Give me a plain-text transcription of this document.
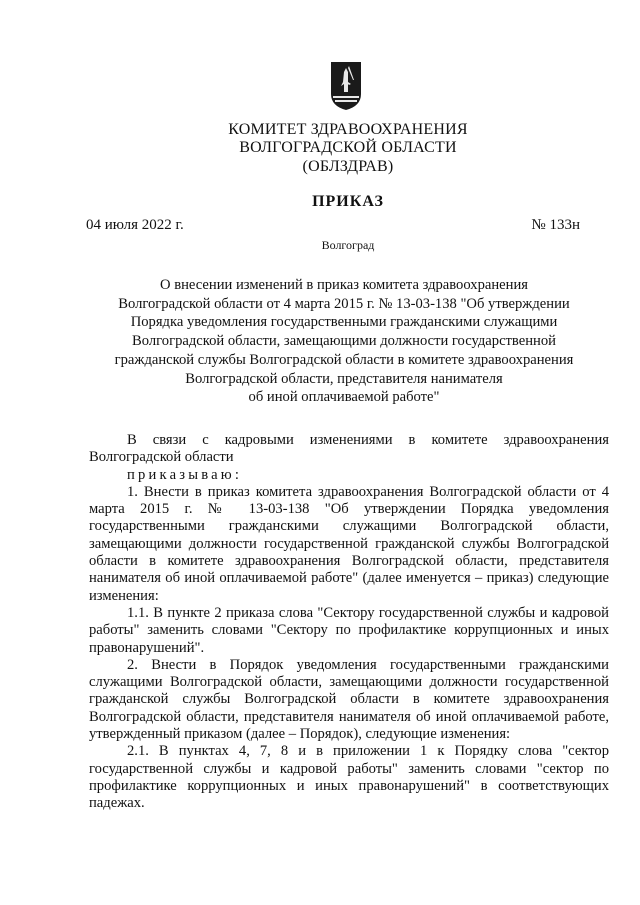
КОМИТЕТ ЗДРАВООХРАНЕНИЯ
ВОЛГОГРАДСКОЙ ОБЛАСТИ
(ОБЛЗДРАВ)
ПРИКАЗ
04 июля 2022 г.	№ 133н
Волгоград
О внесении изменений в приказ комитета здравоохранения
Волгоградской области от 4 марта 2015 г. № 13-03-138 "Об утверждении
Порядка уведомления государственными гражданскими служащими
Волгоградской области, замещающими должности государственной
гражданской службы Волгоградской области в комитете здравоохранения
Волгоградской области, представителя нанимателя
об иной оплачиваемой работе"

В связи с кадровыми изменениями в комитете здравоохранения Волгоградской области

приказываю:

1. Внести в приказ комитета здравоохранения Волгоградской области от 4 марта 2015 г. № 13-03-138 "Об утверждении Порядка уведомления государственными гражданскими служащими Волгоградской области, замещающими должности государственной гражданской службы Волгоградской области в комитете здравоохранения Волгоградской области, представителя нанимателя об иной оплачиваемой работе" (далее именуется – приказ) следующие изменения:

1.1. В пункте 2 приказа слова "Сектору государственной службы и кадровой работы" заменить словами "Сектору по профилактике коррупционных и иных правонарушений".

2. Внести в Порядок уведомления государственными гражданскими служащими Волгоградской области, замещающими должности государственной гражданской службы Волгоградской области в комитете здравоохранения Волгоградской области, представителя нанимателя об иной оплачиваемой работе, утвержденный приказом (далее – Порядок), следующие изменения:

2.1. В пунктах 4, 7, 8 и в приложении 1 к Порядку слова "сектор государственной службы и кадровой работы" заменить словами "сектор по профилактике коррупционных и иных правонарушений" в соответствующих падежах.
